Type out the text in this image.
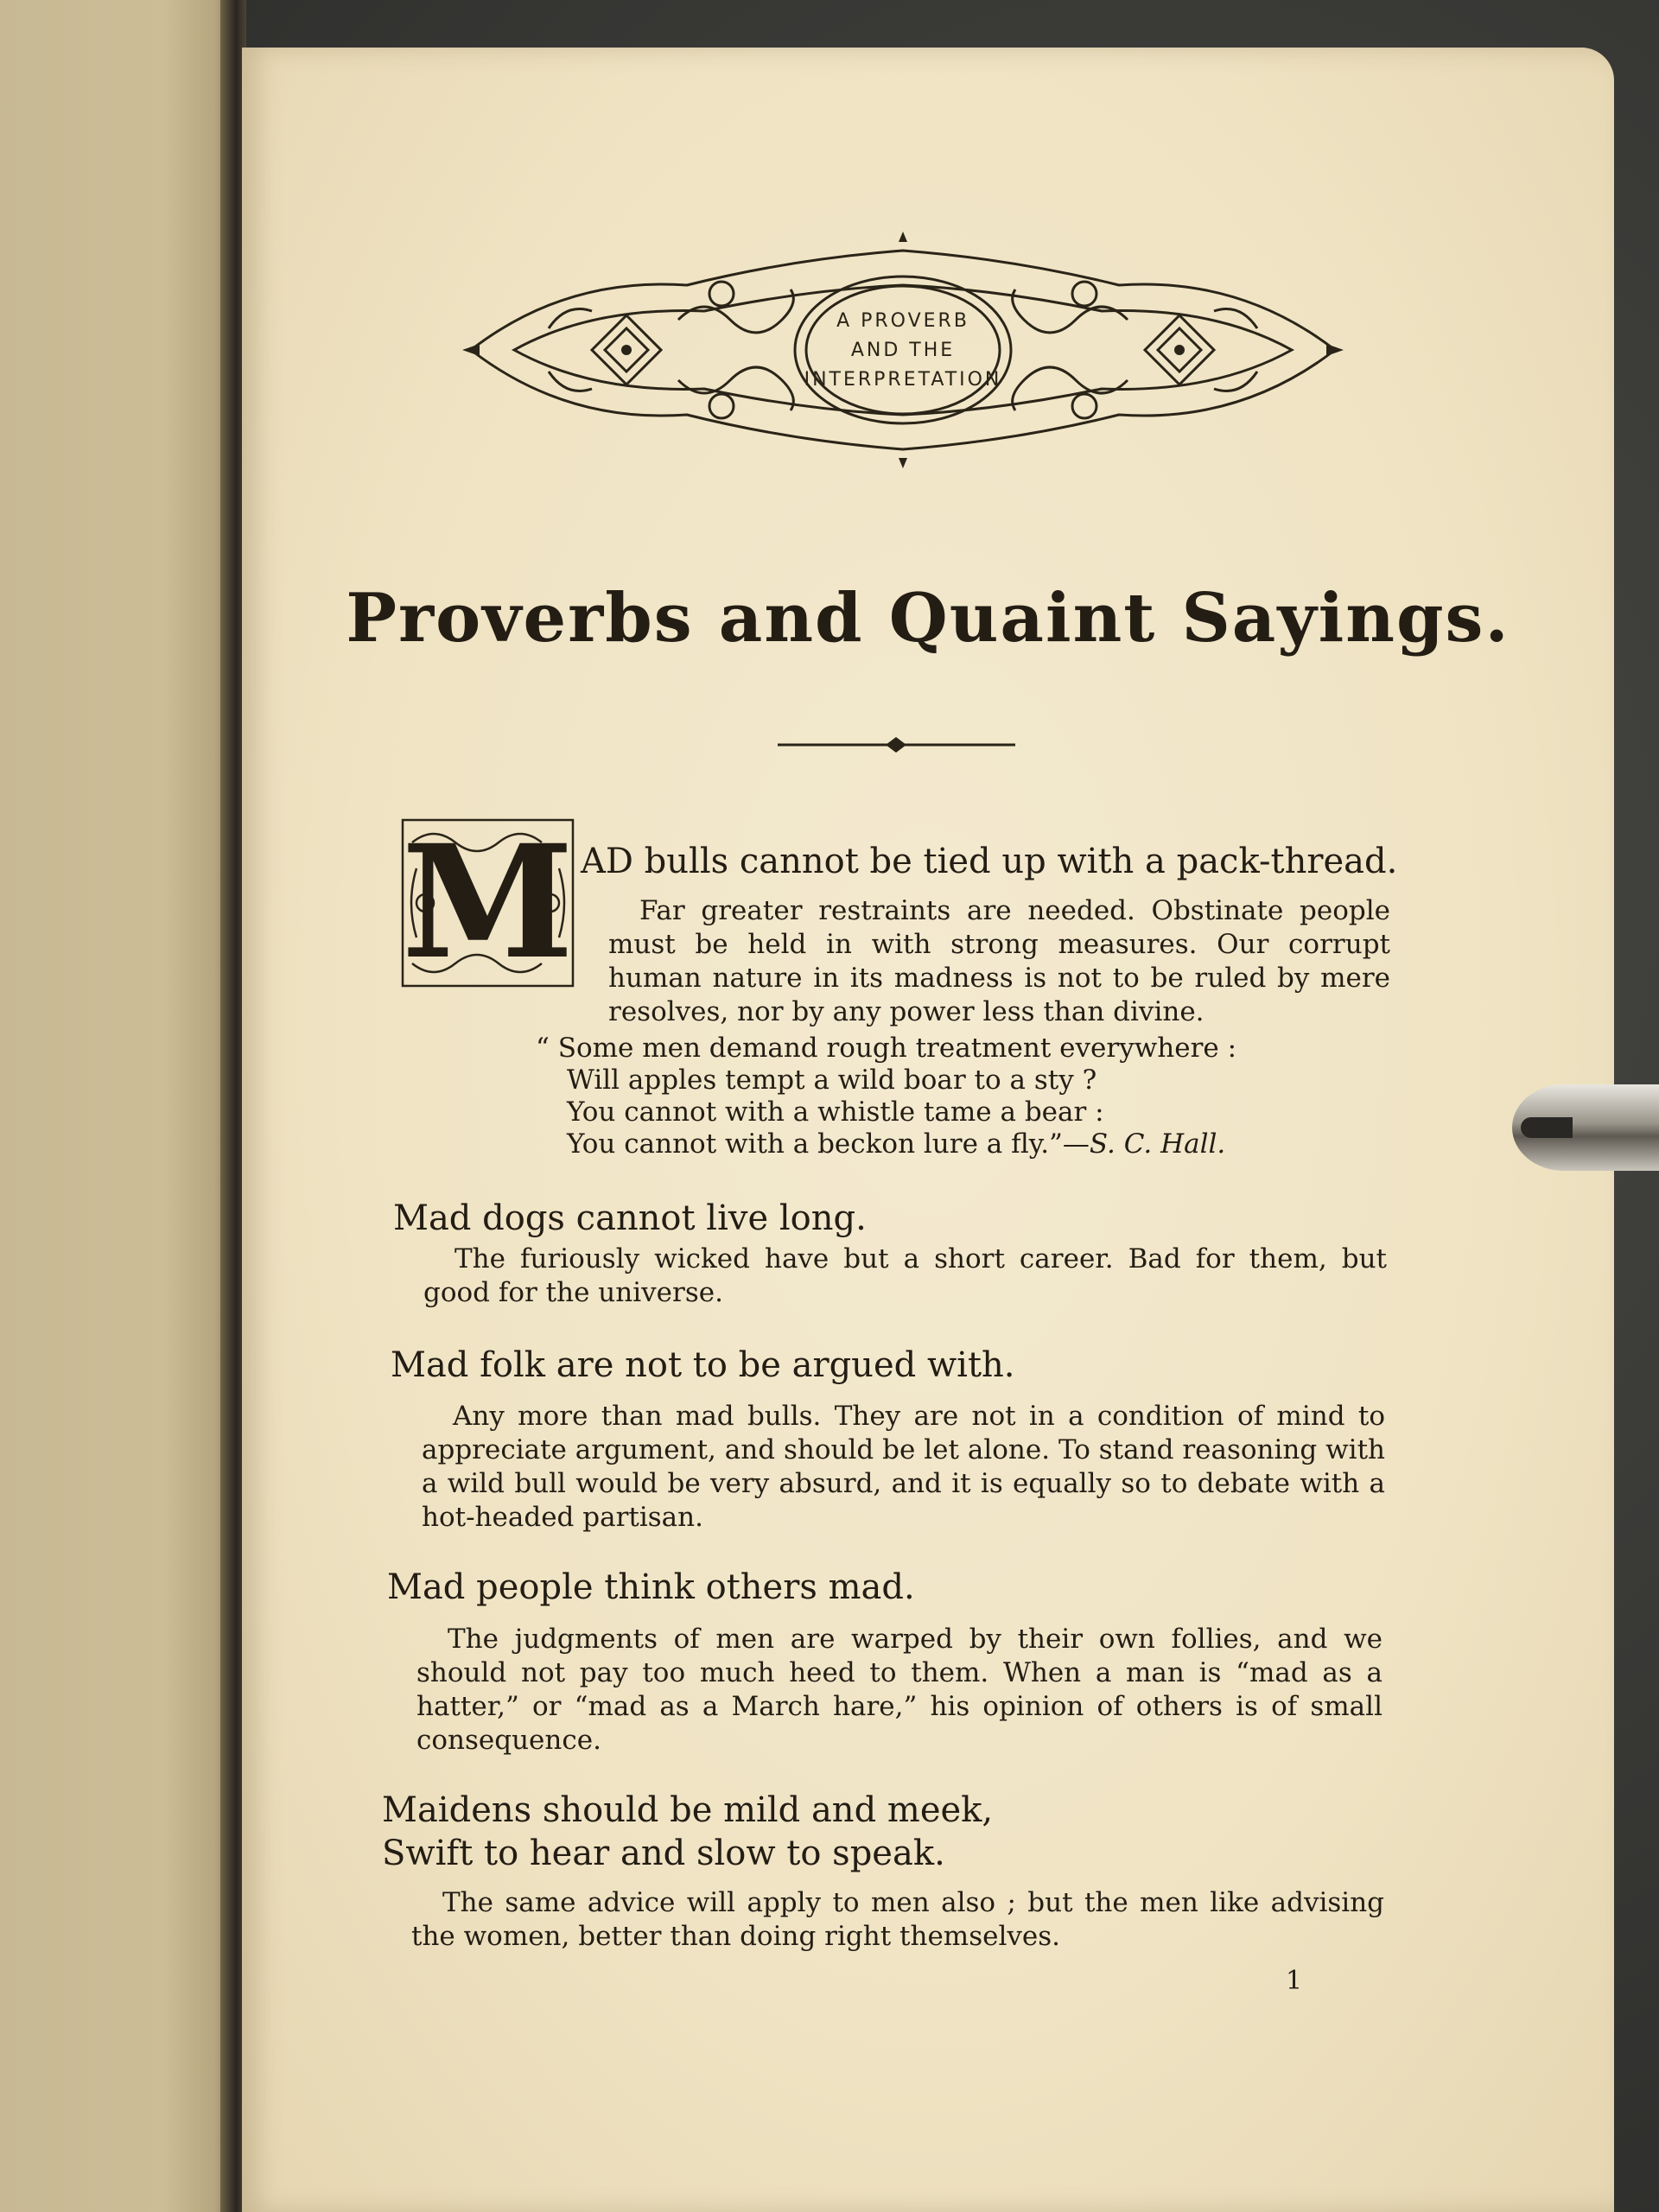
A PROVERB
AND THE
INTERPRETATION
Proverbs and Quaint Sayings.
M AD bulls cannot be tied up with a pack-thread.

Far greater restraints are needed. Obstinate people must be held in with strong measures. Our corrupt human nature in its madness is not to be ruled by mere resolves, nor by any power less than divine.

“ Some men demand rough treatment everywhere :
Will apples tempt a wild boar to a sty ?
You cannot with a whistle tame a bear :
You cannot with a beckon lure a fly.”—S. C. Hall.
Mad dogs cannot live long.

The furiously wicked have but a short career. Bad for them, but good for the universe.

Mad folk are not to be argued with.

Any more than mad bulls. They are not in a condition of mind to appreciate argument, and should be let alone. To stand reasoning with a wild bull would be very absurd, and it is equally so to debate with a hot-headed partisan.

Mad people think others mad.

The judgments of men are warped by their own follies, and we should not pay too much heed to them. When a man is “mad as a hatter,” or “mad as a March hare,” his opinion of others is of small consequence.

Maidens should be mild and meek,
Swift to hear and slow to speak.

The same advice will apply to men also ; but the men like advising the women, better than doing right themselves.

1
